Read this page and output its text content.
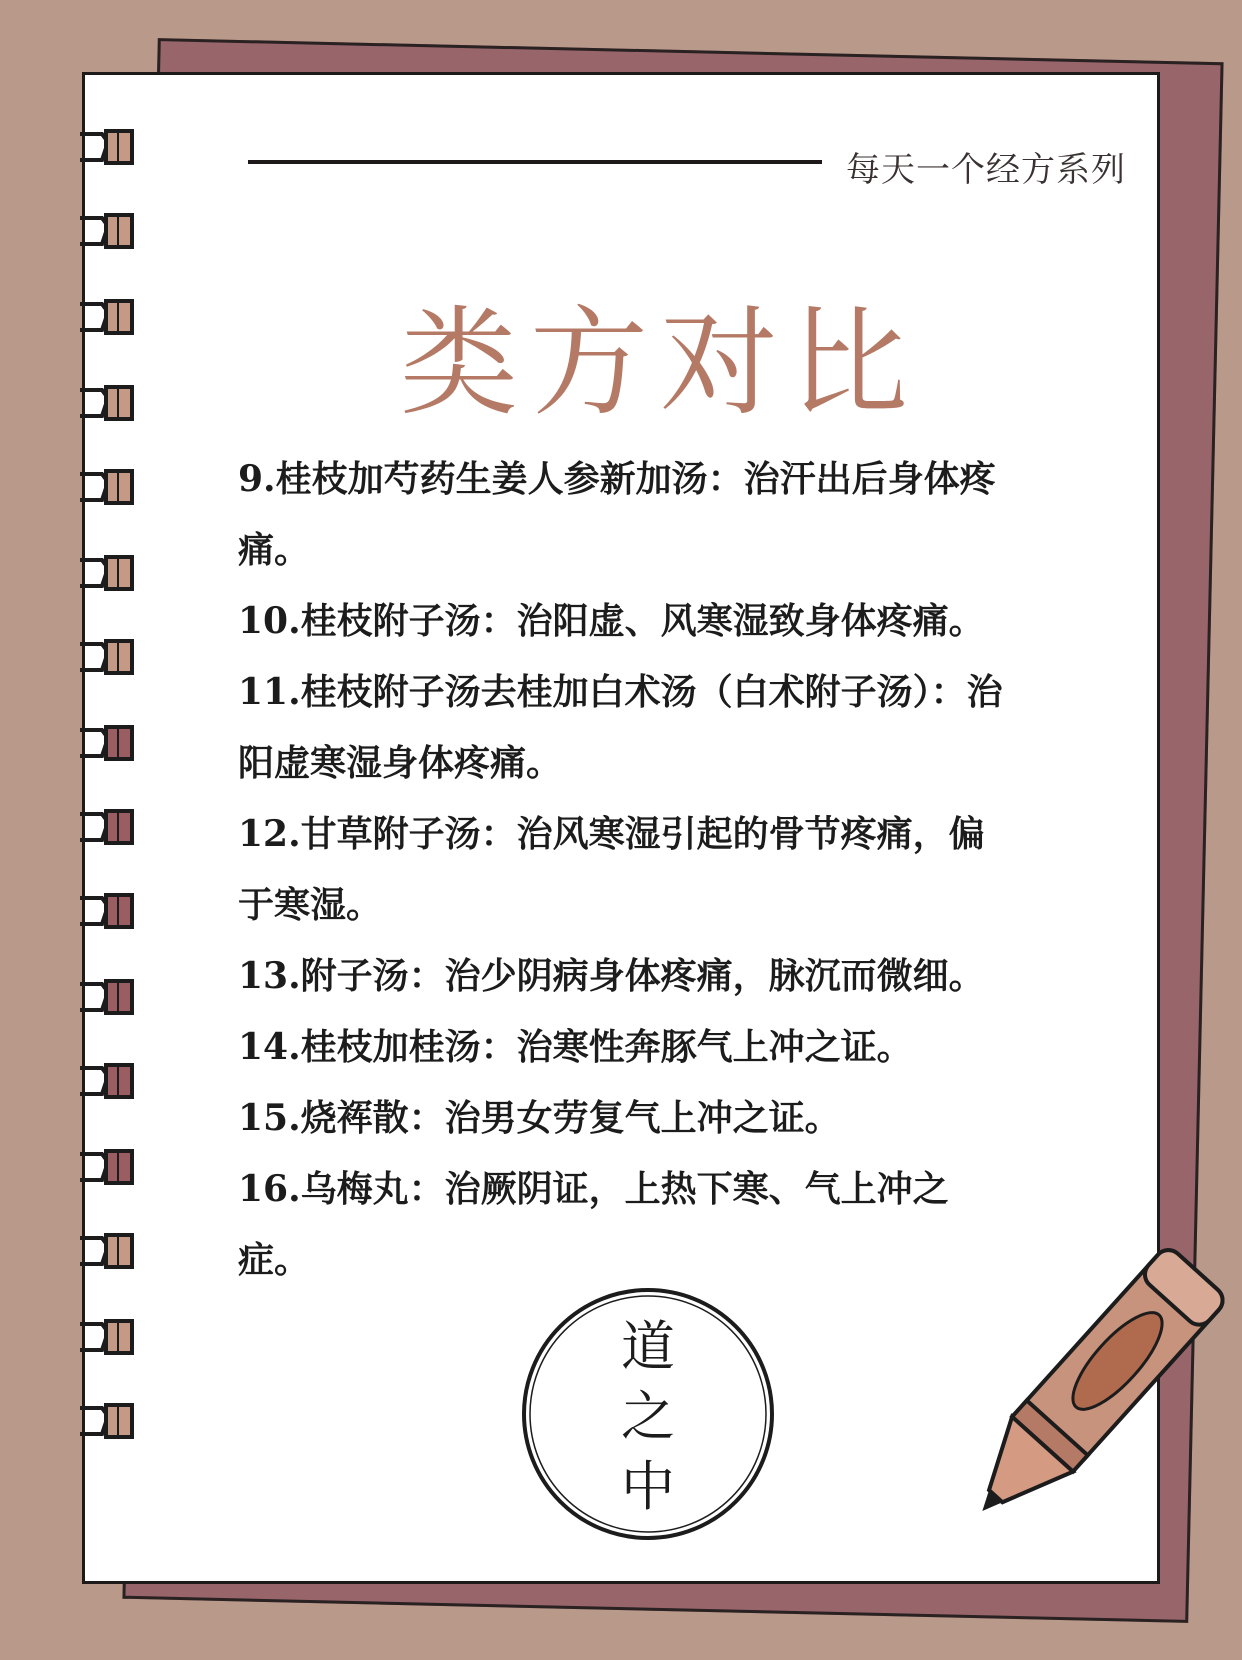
每天一个经方系列
类方对比
9.桂枝加芍药生姜人参新加汤：治汗出后身体疼
痛。
10.桂枝附子汤：治阳虚、风寒湿致身体疼痛。
11.桂枝附子汤去桂加白术汤（白术附子汤）：治
阳虚寒湿身体疼痛。
12.甘草附子汤：治风寒湿引起的骨节疼痛，偏
于寒湿。
13.附子汤：治少阴病身体疼痛，脉沉而微细。
14.桂枝加桂汤：治寒性奔豚气上冲之证。
15.烧裈散：治男女劳复气上冲之证。
16.乌梅丸：治厥阴证，上热下寒、气上冲之
症。
道
之
中
